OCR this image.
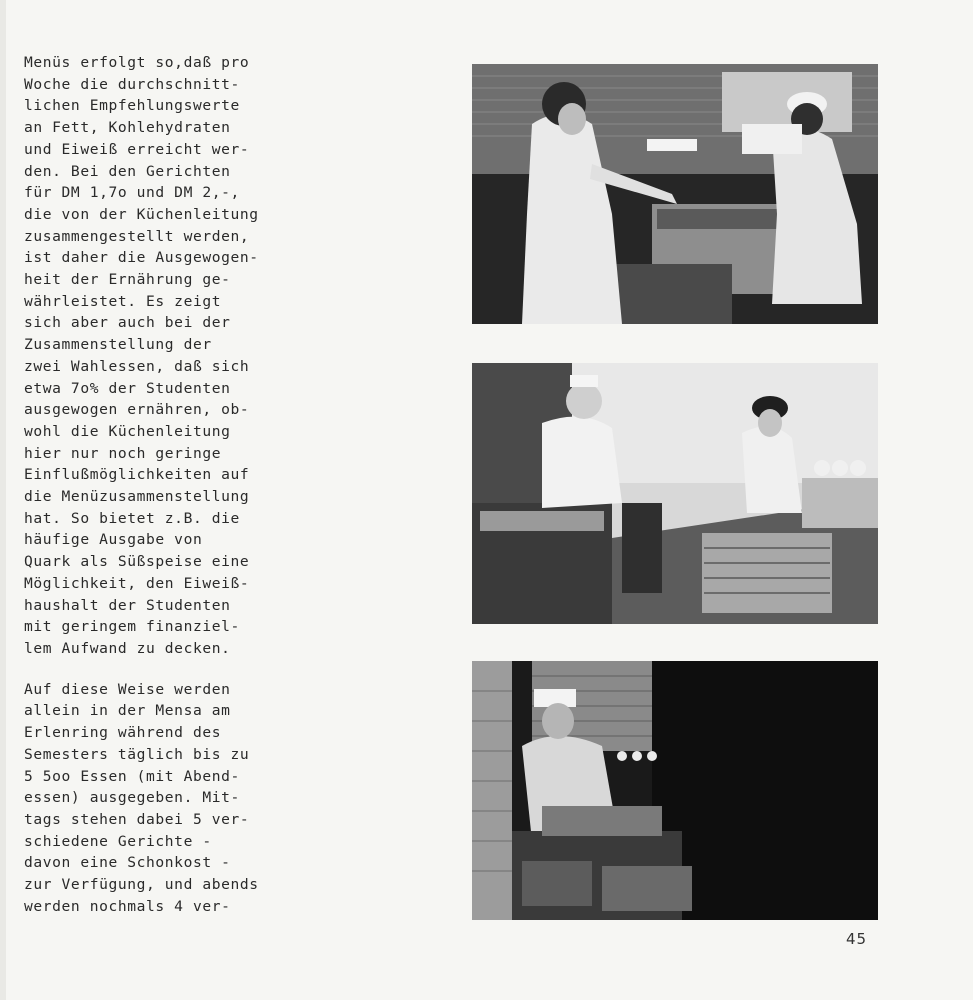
Menüs erfolgt so,daß pro

Woche die durchschnitt-

lichen Empfehlungswerte

an Fett, Kohlehydraten

und Eiweiß erreicht wer-

den. Bei den Gerichten

für DM 1,7o und DM 2,-,

die von der Küchenleitung

zusammengestellt werden,

ist daher die Ausgewogen-

heit der Ernährung ge-

währleistet. Es zeigt

sich aber auch bei der

Zusammenstellung der

zwei Wahlessen, daß sich

etwa 7o% der Studenten

ausgewogen ernähren, ob-

wohl die Küchenleitung

hier nur noch geringe

Einflußmöglichkeiten auf

die Menüzusammenstellung

hat. So bietet z.B. die

häufige Ausgabe von

Quark als Süßspeise eine

Möglichkeit, den Eiweiß-

haushalt der Studenten

mit geringem finanziel-

lem Aufwand zu decken.

Auf diese Weise werden

allein in der Mensa am

Erlenring während des

Semesters täglich bis zu

5 5oo Essen (mit Abend-

essen) ausgegeben. Mit-

tags stehen dabei 5 ver-

schiedene Gerichte -

davon eine Schonkost -

zur Verfügung, und abends

werden nochmals 4 ver-

45
